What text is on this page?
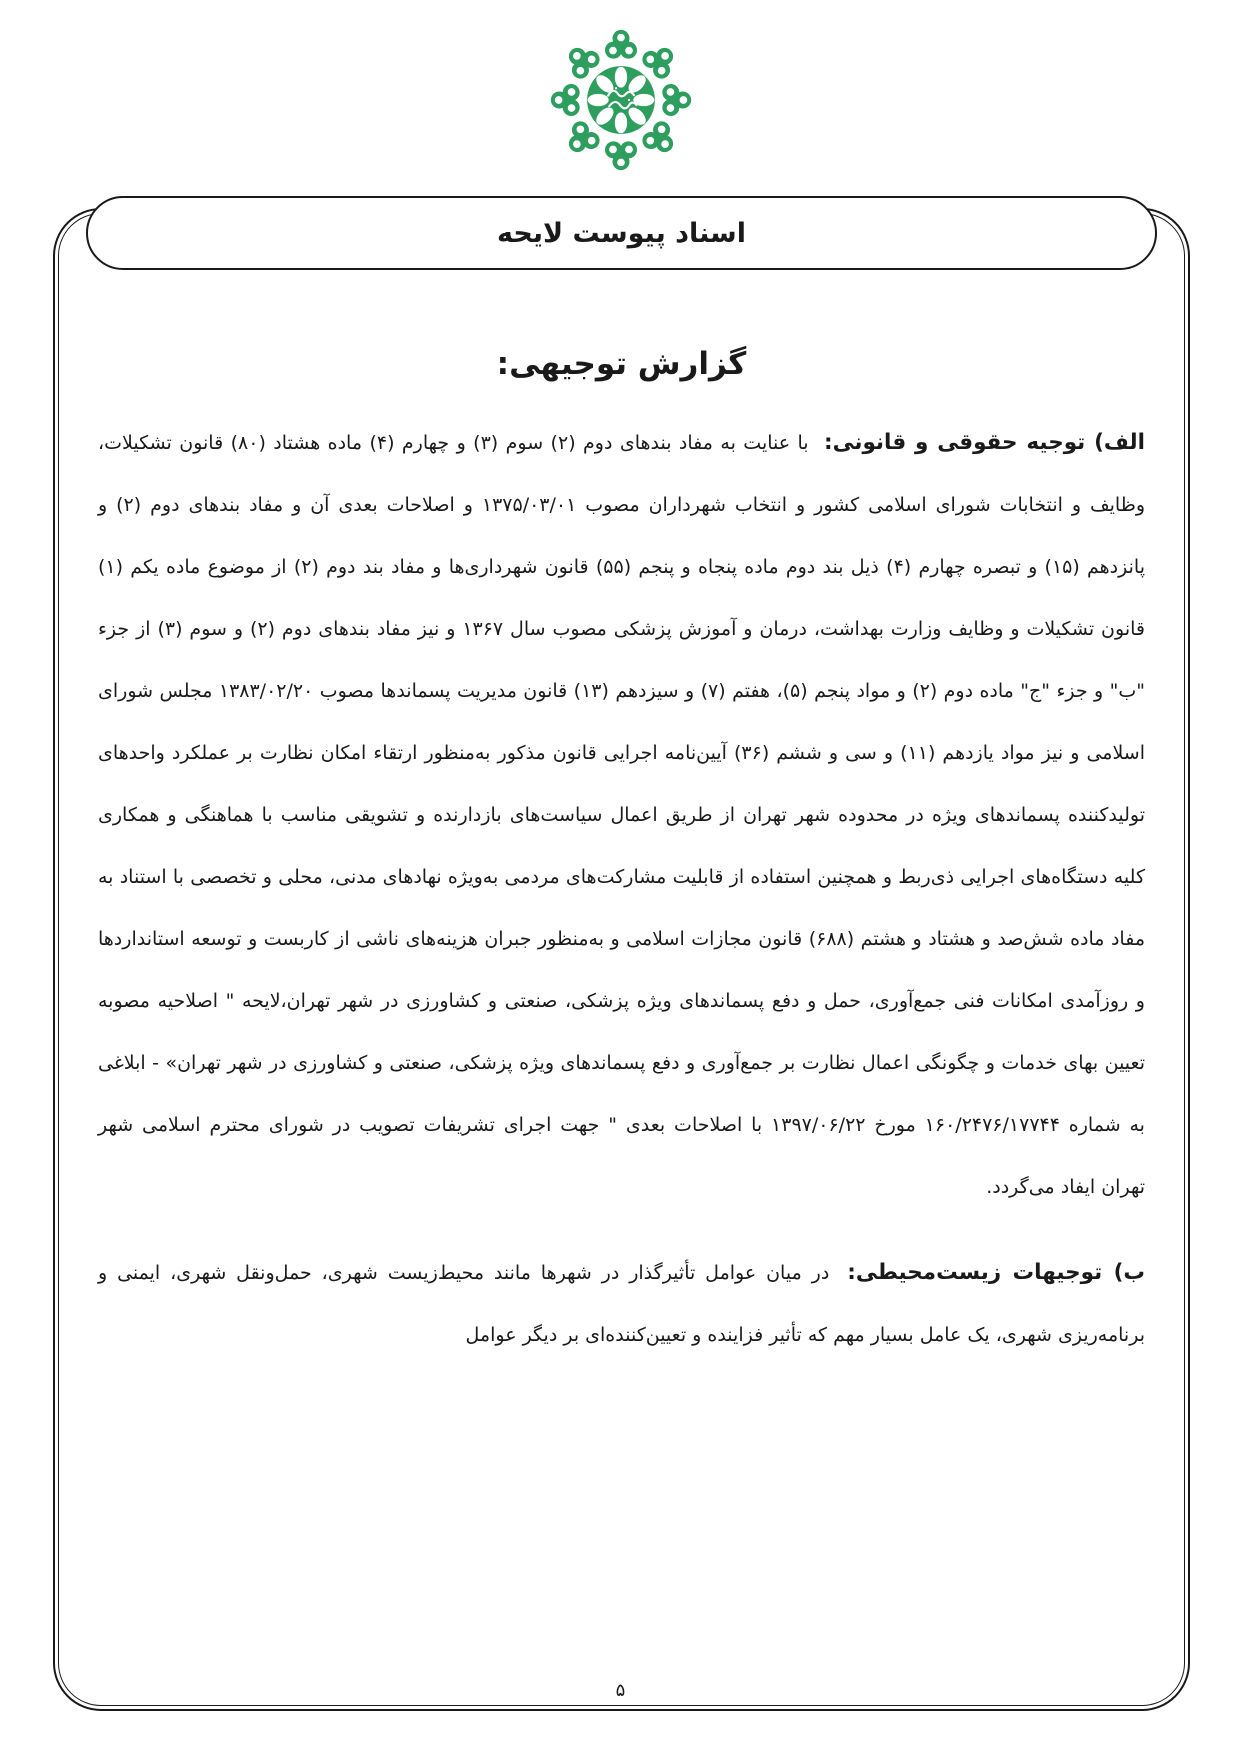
اسناد پیوست لایحه
گزارش توجیهی:

الف) توجیه حقوقی و قانونی: با عنایت به مفاد بندهای دوم (۲) سوم (۳) و چهارم (۴) ماده هشتاد (۸۰) قانون تشکیلات، وظایف و انتخابات شورای اسلامی کشور و انتخاب شهرداران مصوب ۱۳۷۵/۰۳/۰۱ و اصلاحات بعدی آن و مفاد بندهای دوم (۲) و پانزدهم (۱۵) و تبصره چهارم (۴) ذیل بند دوم ماده پنجاه و پنجم (۵۵) قانون شهرداری‌ها و مفاد بند دوم (۲) از موضوع ماده یکم (۱) قانون تشکیلات و وظایف وزارت بهداشت، درمان و آموزش پزشکی مصوب سال ۱۳۶۷ و نیز مفاد بندهای دوم (۲) و سوم (۳) از جزء "ب" و جزء "ج" ماده دوم (۲) و مواد پنجم (۵)، هفتم (۷) و سیزدهم (۱۳) قانون مدیریت پسماندها مصوب ۱۳۸۳/۰۲/۲۰ مجلس شورای اسلامی و نیز مواد یازدهم (۱۱) و سی و ششم (۳۶) آیین‌نامه اجرایی قانون مذکور به‌منظور ارتقاء امکان نظارت بر عملکرد واحدهای تولیدکننده پسماندهای ویژه در محدوده شهر تهران از طریق اعمال سیاست‌های بازدارنده و تشویقی مناسب با هماهنگی و همکاری کلیه دستگاه‌های اجرایی ذی‌ربط و همچنین استفاده از قابلیت مشارکت‌های مردمی به‌ویژه نهادهای مدنی، محلی و تخصصی با استناد به مفاد ماده شش‌صد و هشتاد و هشتم (۶۸۸) قانون مجازات اسلامی و به‌منظور جبران هزینه‌های ناشی از کاربست و توسعه استانداردها و روزآمدی امکانات فنی جمع‌آوری، حمل و دفع پسماندهای ویژه پزشکی، صنعتی و کشاورزی در شهر تهران،لایحه " اصلاحیه مصوبه تعیین بهای خدمات و چگونگی اعمال نظارت بر جمع‌آوری و دفع پسماندهای ویژه پزشکی، صنعتی و کشاورزی در شهر تهران» - ابلاغی به شماره ۱۶۰/۲۴۷۶/۱۷۷۴۴ مورخ ۱۳۹۷/۰۶/۲۲ با اصلاحات بعدی " جهت اجرای تشریفات تصویب در شورای محترم اسلامی شهر تهران ایفاد می‌گردد.

ب) توجیهات زیست‌محیطی: در میان عوامل تأثیرگذار در شهرها مانند محیط‌زیست شهری، حمل‌ونقل شهری، ایمنی و برنامه‌ریزی شهری، یک عامل بسیار مهم که تأثیر فزاینده و تعیین‌کننده‌ای بر دیگر عوامل

۵
